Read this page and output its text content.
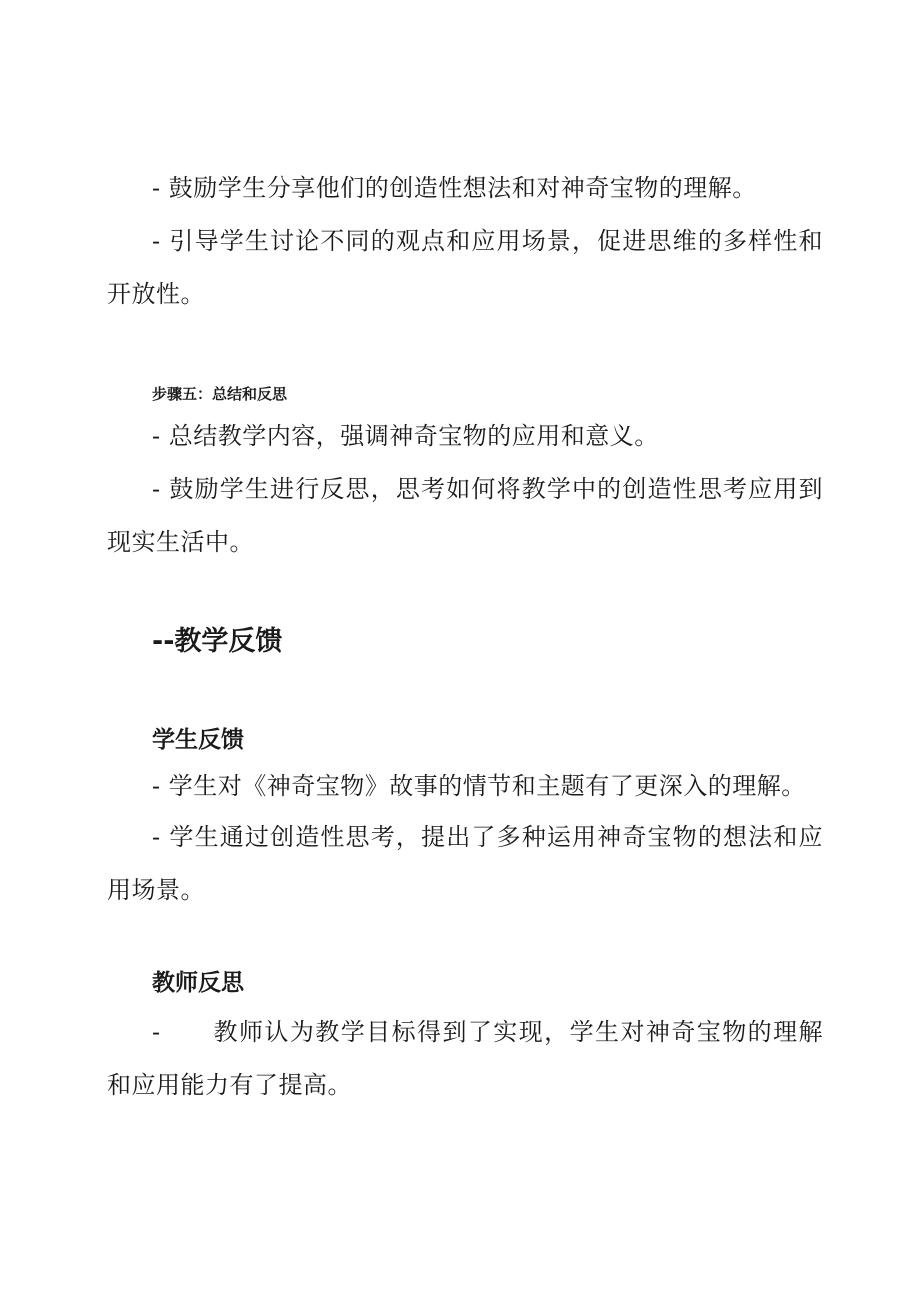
- 鼓励学生分享他们的创造性想法和对神奇宝物的理解。

- 引导学生讨论不同的观点和应用场景，促进思维的多样性和开放性。

步骤五：总结和反思

- 总结教学内容，强调神奇宝物的应用和意义。

- 鼓励学生进行反思，思考如何将教学中的创造性思考应用到现实生活中。

--教学反馈
学生反馈

- 学生对《神奇宝物》故事的情节和主题有了更深入的理解。

- 学生通过创造性思考，提出了多种运用神奇宝物的想法和应用场景。

教师反思

- 教师认为教学目标得到了实现，学生对神奇宝物的理解和应用能力有了提高。
